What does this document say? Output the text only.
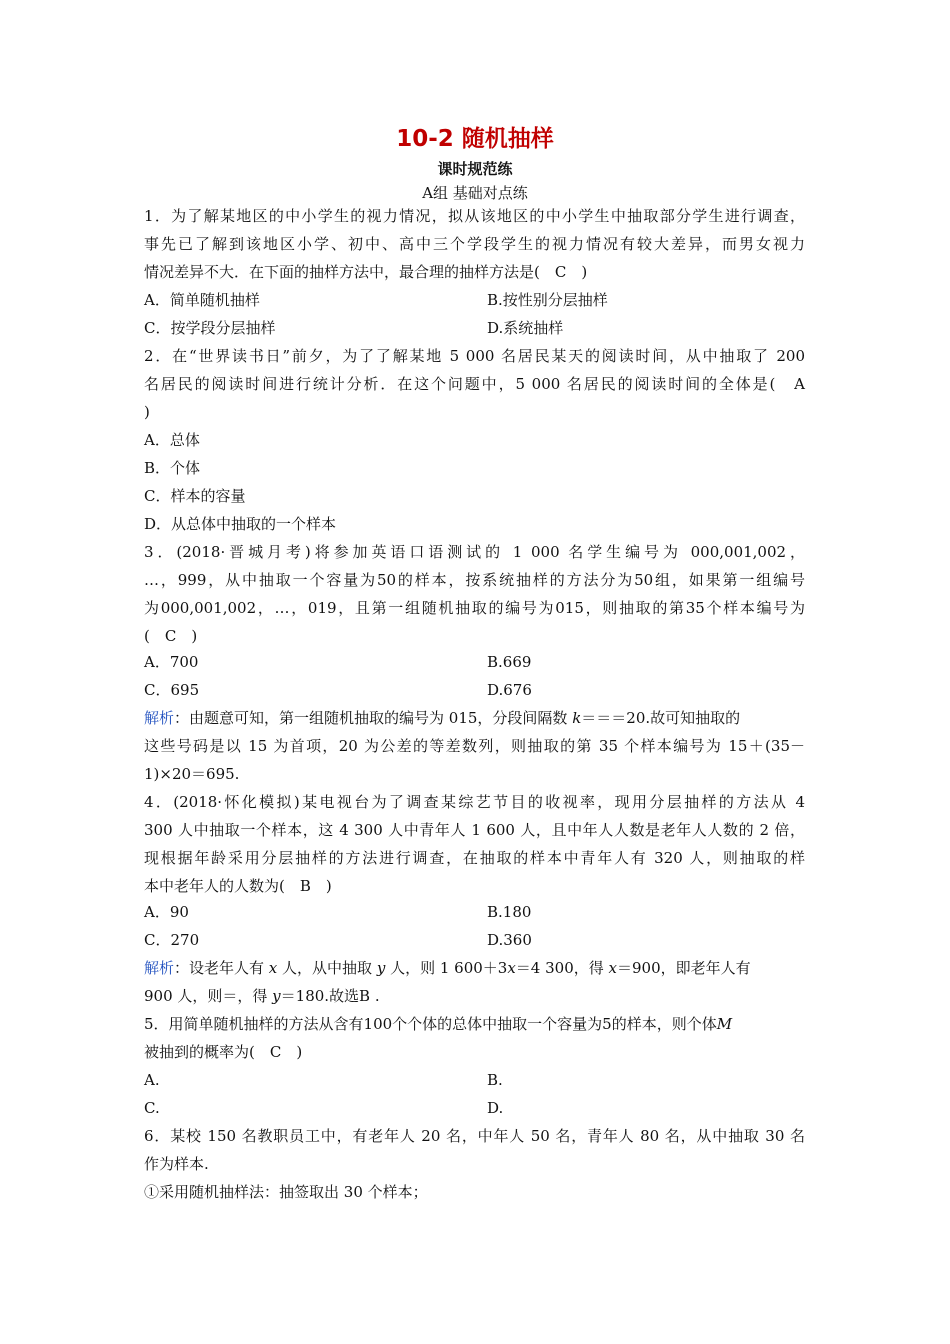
10-2 随机抽样
课时规范练
A组 基础对点练
1．为了解某地区的中小学生的视力情况，拟从该地区的中小学生中抽取部分学生进行调查，
事先已了解到该地区小学、初中、高中三个学段学生的视力情况有较大差异，而男女视力
情况差异不大．在下面的抽样方法中，最合理的抽样方法是(　C　)
A．简单随机抽样	B.按性别分层抽样
C．按学段分层抽样	D.系统抽样
2．在“世界读书日”前夕，为了了解某地 5 000 名居民某天的阅读时间，从中抽取了 200
名居民的阅读时间进行统计分析．在这个问题中，5 000 名居民的阅读时间的全体是(　A
)
A．总体
B．个体
C．样本的容量
D．从总体中抽取的一个样本
3．(2018·晋城月考)将参加英语口语测试的 1 000 名学生编号为 000,001,002，
…，999，从中抽取一个容量为50的样本，按系统抽样的方法分为50组，如果第一组编号
为000,001,002，…，019，且第一组随机抽取的编号为015，则抽取的第35个样本编号为
(　C　)
A．700	B.669
C．695	D.676
解析：由题意可知，第一组随机抽取的编号为 015，分段间隔数 k＝＝＝20.故可知抽取的
这些号码是以 15 为首项，20 为公差的等差数列，则抽取的第 35 个样本编号为 15＋(35－
1)×20＝695.
4．(2018·怀化模拟)某电视台为了调查某综艺节目的收视率，现用分层抽样的方法从 4
300 人中抽取一个样本，这 4 300 人中青年人 1 600 人，且中年人人数是老年人人数的 2 倍，
现根据年龄采用分层抽样的方法进行调查，在抽取的样本中青年人有 320 人，则抽取的样
本中老年人的人数为(　B　)
A．90	B.180
C．270	D.360
解析：设老年人有 x 人，从中抽取 y 人，则 1 600＋3x＝4 300，得 x＝900，即老年人有
900 人，则＝，得 y＝180.故选B .
5．用简单随机抽样的方法从含有100个个体的总体中抽取一个容量为5的样本，则个体M
被抽到的概率为(　C　)
A.	B.
C.	D.
6．某校 150 名教职员工中，有老年人 20 名，中年人 50 名，青年人 80 名，从中抽取 30 名
作为样本.
①采用随机抽样法：抽签取出 30 个样本；
